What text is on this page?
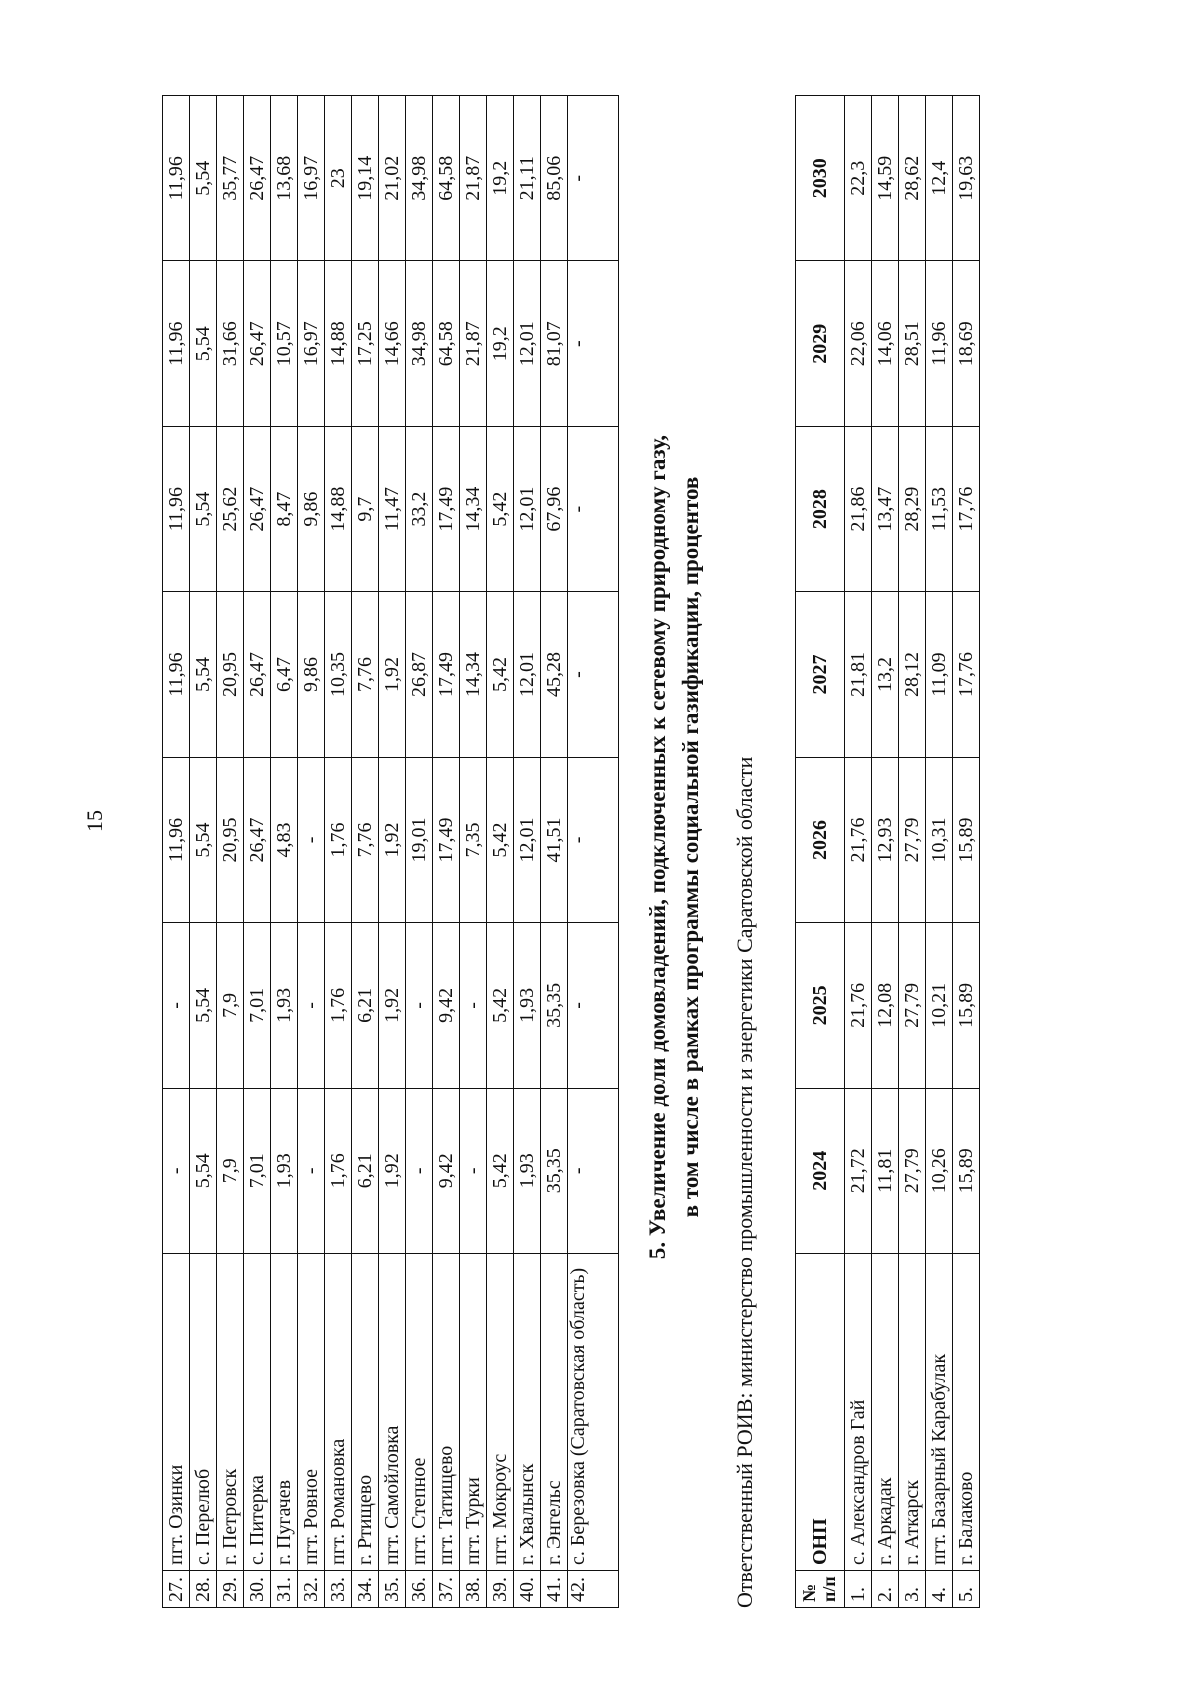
15
27.	пгт. Озинки	-	-	11,96	11,96	11,96	11,96	11,96
28.	с. Перелюб	5,54	5,54	5,54	5,54	5,54	5,54	5,54
29.	г. Петровск	7,9	7,9	20,95	20,95	25,62	31,66	35,77
30.	с. Питерка	7,01	7,01	26,47	26,47	26,47	26,47	26,47
31.	г. Пугачев	1,93	1,93	4,83	6,47	8,47	10,57	13,68
32.	пгт. Ровное	-	-	-	9,86	9,86	16,97	16,97
33.	пгт. Романовка	1,76	1,76	1,76	10,35	14,88	14,88	23
34.	г. Ртищево	6,21	6,21	7,76	7,76	9,7	17,25	19,14
35.	пгт. Самойловка	1,92	1,92	1,92	1,92	11,47	14,66	21,02
36.	пгт. Степное	-	-	19,01	26,87	33,2	34,98	34,98
37.	пгт. Татищево	9,42	9,42	17,49	17,49	17,49	64,58	64,58
38.	пгт. Турки	-	-	7,35	14,34	14,34	21,87	21,87
39.	пгт. Мокроус	5,42	5,42	5,42	5,42	5,42	19,2	19,2
40.	г. Хвалынск	1,93	1,93	12,01	12,01	12,01	12,01	21,11
41.	г. Энгельс	35,35	35,35	41,51	45,28	67,96	81,07	85,06
42.	с. Березовка (Саратовская область)	-	-	-	-	-	-	-
5. Увеличение доли домовладений, подключенных к сетевому природному газу, в том числе в рамках программы социальной газификации, процентов Ответственный РОИВ: министерство промышленности и энергетики Саратовской области № п/п	ОНП	2024	2025	2026	2027	2028	2029	2030
1.	с. Александров Гай	21,72	21,76	21,76	21,81	21,86	22,06	22,3
2.	г. Аркадак	11,81	12,08	12,93	13,2	13,47	14,06	14,59
3.	г. Аткарск	27,79	27,79	27,79	28,12	28,29	28,51	28,62
4.	пгт. Базарный Карабулак	10,26	10,21	10,31	11,09	11,53	11,96	12,4
5.	г. Балаково	15,89	15,89	15,89	17,76	17,76	18,69	19,63
